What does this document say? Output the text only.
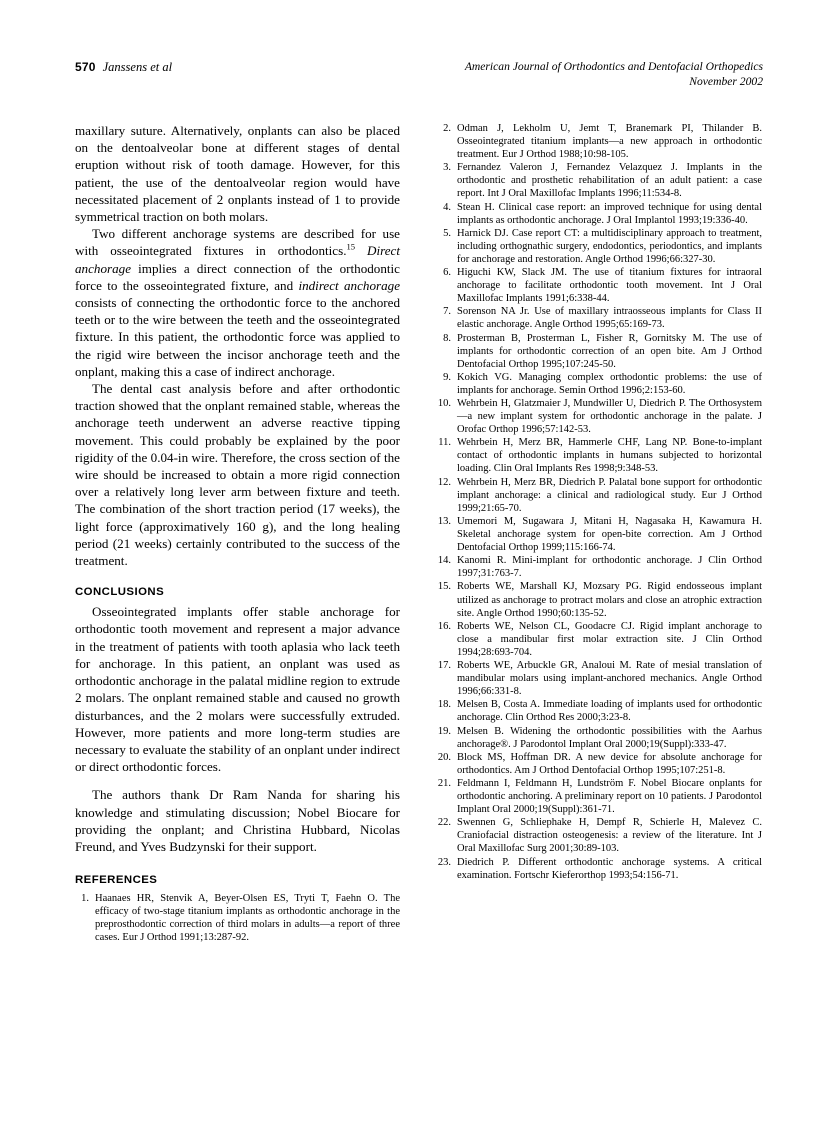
570 Janssens et al	American Journal of Orthodontics and Dentofacial Orthopedics
November 2002

maxillary suture. Alternatively, onplants can also be placed on the dentoalveolar bone at different stages of dental eruption without risk of tooth damage. However, for this patient, the use of the dentoalveolar region would have necessitated placement of 2 onplants instead of 1 to provide symmetrical traction on both molars.

Two different anchorage systems are described for use with osseointegrated fixtures in orthodontics.$^{15}$ Direct anchorage implies a direct connection of the orthodontic force to the osseointegrated fixture, and indirect anchorage consists of connecting the orthodontic force to the anchored teeth or to the wire between the teeth and the osseointegrated fixture. In this patient, the orthodontic force was applied to the rigid wire between the incisor anchorage teeth and the onplant, making this a case of indirect anchorage.

The dental cast analysis before and after orthodontic traction showed that the onplant remained stable, whereas the anchorage teeth underwent an adverse reactive tipping movement. This could probably be explained by the poor rigidity of the 0.04-in wire. Therefore, the cross section of the wire should be increased to obtain a more rigid connection over a relatively long lever arm between fixture and teeth. The combination of the short traction period (17 weeks), the light force (approximatively 160 g), and the long healing period (21 weeks) certainly contributed to the success of the treatment.

CONCLUSIONS

Osseointegrated implants offer stable anchorage for orthodontic tooth movement and represent a major advance in the treatment of patients with tooth aplasia who lack teeth for anchorage. In this patient, an onplant was used as orthodontic anchorage in the palatal midline region to extrude 2 molars. The onplant remained stable and caused no growth disturbances, and the 2 molars were successfully extruded. However, more patients and more long-term studies are necessary to evaluate the stability of an onplant under indirect or direct orthodontic forces.

The authors thank Dr Ram Nanda for sharing his knowledge and stimulating discussion; Nobel Biocare for providing the onplant; and Christina Hubbard, Nicolas Freund, and Yves Budzynski for their support.

REFERENCES
1. Haanaes HR, Stenvik A, Beyer-Olsen ES, Tryti T, Faehn O. The efficacy of two-stage titanium implants as orthodontic anchorage in the preprosthodontic correction of third molars in adults—a report of three cases. Eur J Orthod 1991;13:287-92.
2. Odman J, Lekholm U, Jemt T, Branemark PI, Thilander B. Osseointegrated titanium implants—a new approach in orthodontic treatment. Eur J Orthod 1988;10:98-105.
3. Fernandez Valeron J, Fernandez Velazquez J. Implants in the orthodontic and prosthetic rehabilitation of an adult patient: a case report. Int J Oral Maxillofac Implants 1996;11:534-8.
4. Stean H. Clinical case report: an improved technique for using dental implants as orthodontic anchorage. J Oral Implantol 1993;19:336-40.
5. Harnick DJ. Case report CT: a multidisciplinary approach to treatment, including orthognathic surgery, endodontics, periodontics, and implants for anchorage and restoration. Angle Orthod 1996;66:327-30.
6. Higuchi KW, Slack JM. The use of titanium fixtures for intraoral anchorage to facilitate orthodontic tooth movement. Int J Oral Maxillofac Implants 1991;6:338-44.
7. Sorenson NA Jr. Use of maxillary intraosseous implants for Class II elastic anchorage. Angle Orthod 1995;65:169-73.
8. Prosterman B, Prosterman L, Fisher R, Gornitsky M. The use of implants for orthodontic correction of an open bite. Am J Orthod Dentofacial Orthop 1995;107:245-50.
9. Kokich VG. Managing complex orthodontic problems: the use of implants for anchorage. Semin Orthod 1996;2:153-60.
10. Wehrbein H, Glatzmaier J, Mundwiller U, Diedrich P. The Orthosystem—a new implant system for orthodontic anchorage in the palate. J Orofac Orthop 1996;57:142-53.
11. Wehrbein H, Merz BR, Hammerle CHF, Lang NP. Bone-to-implant contact of orthodontic implants in humans subjected to horizontal loading. Clin Oral Implants Res 1998;9:348-53.
12. Wehrbein H, Merz BR, Diedrich P. Palatal bone support for orthodontic implant anchorage: a clinical and radiological study. Eur J Orthod 1999;21:65-70.
13. Umemori M, Sugawara J, Mitani H, Nagasaka H, Kawamura H. Skeletal anchorage system for open-bite correction. Am J Orthod Dentofacial Orthop 1999;115:166-74.
14. Kanomi R. Mini-implant for orthodontic anchorage. J Clin Orthod 1997;31:763-7.
15. Roberts WE, Marshall KJ, Mozsary PG. Rigid endosseous implant utilized as anchorage to protract molars and close an atrophic extraction site. Angle Orthod 1990;60:135-52.
16. Roberts WE, Nelson CL, Goodacre CJ. Rigid implant anchorage to close a mandibular first molar extraction site. J Clin Orthod 1994;28:693-704.
17. Roberts WE, Arbuckle GR, Analoui M. Rate of mesial translation of mandibular molars using implant-anchored mechanics. Angle Orthod 1996;66:331-8.
18. Melsen B, Costa A. Immediate loading of implants used for orthodontic anchorage. Clin Orthod Res 2000;3:23-8.
19. Melsen B. Widening the orthodontic possibilities with the Aarhus anchorage®. J Parodontol Implant Oral 2000;19(Suppl):333-47.
20. Block MS, Hoffman DR. A new device for absolute anchorage for orthodontics. Am J Orthod Dentofacial Orthop 1995;107:251-8.
21. Feldmann I, Feldmann H, Lundström F. Nobel Biocare onplants for orthodontic anchoring. A preliminary report on 10 patients. J Parodontol Implant Oral 2000;19(Suppl):361-71.
22. Swennen G, Schliephake H, Dempf R, Schierle H, Malevez C. Craniofacial distraction osteogenesis: a review of the literature. Int J Oral Maxillofac Surg 2001;30:89-103.
23. Diedrich P. Different orthodontic anchorage systems. A critical examination. Fortschr Kieferorthop 1993;54:156-71.
